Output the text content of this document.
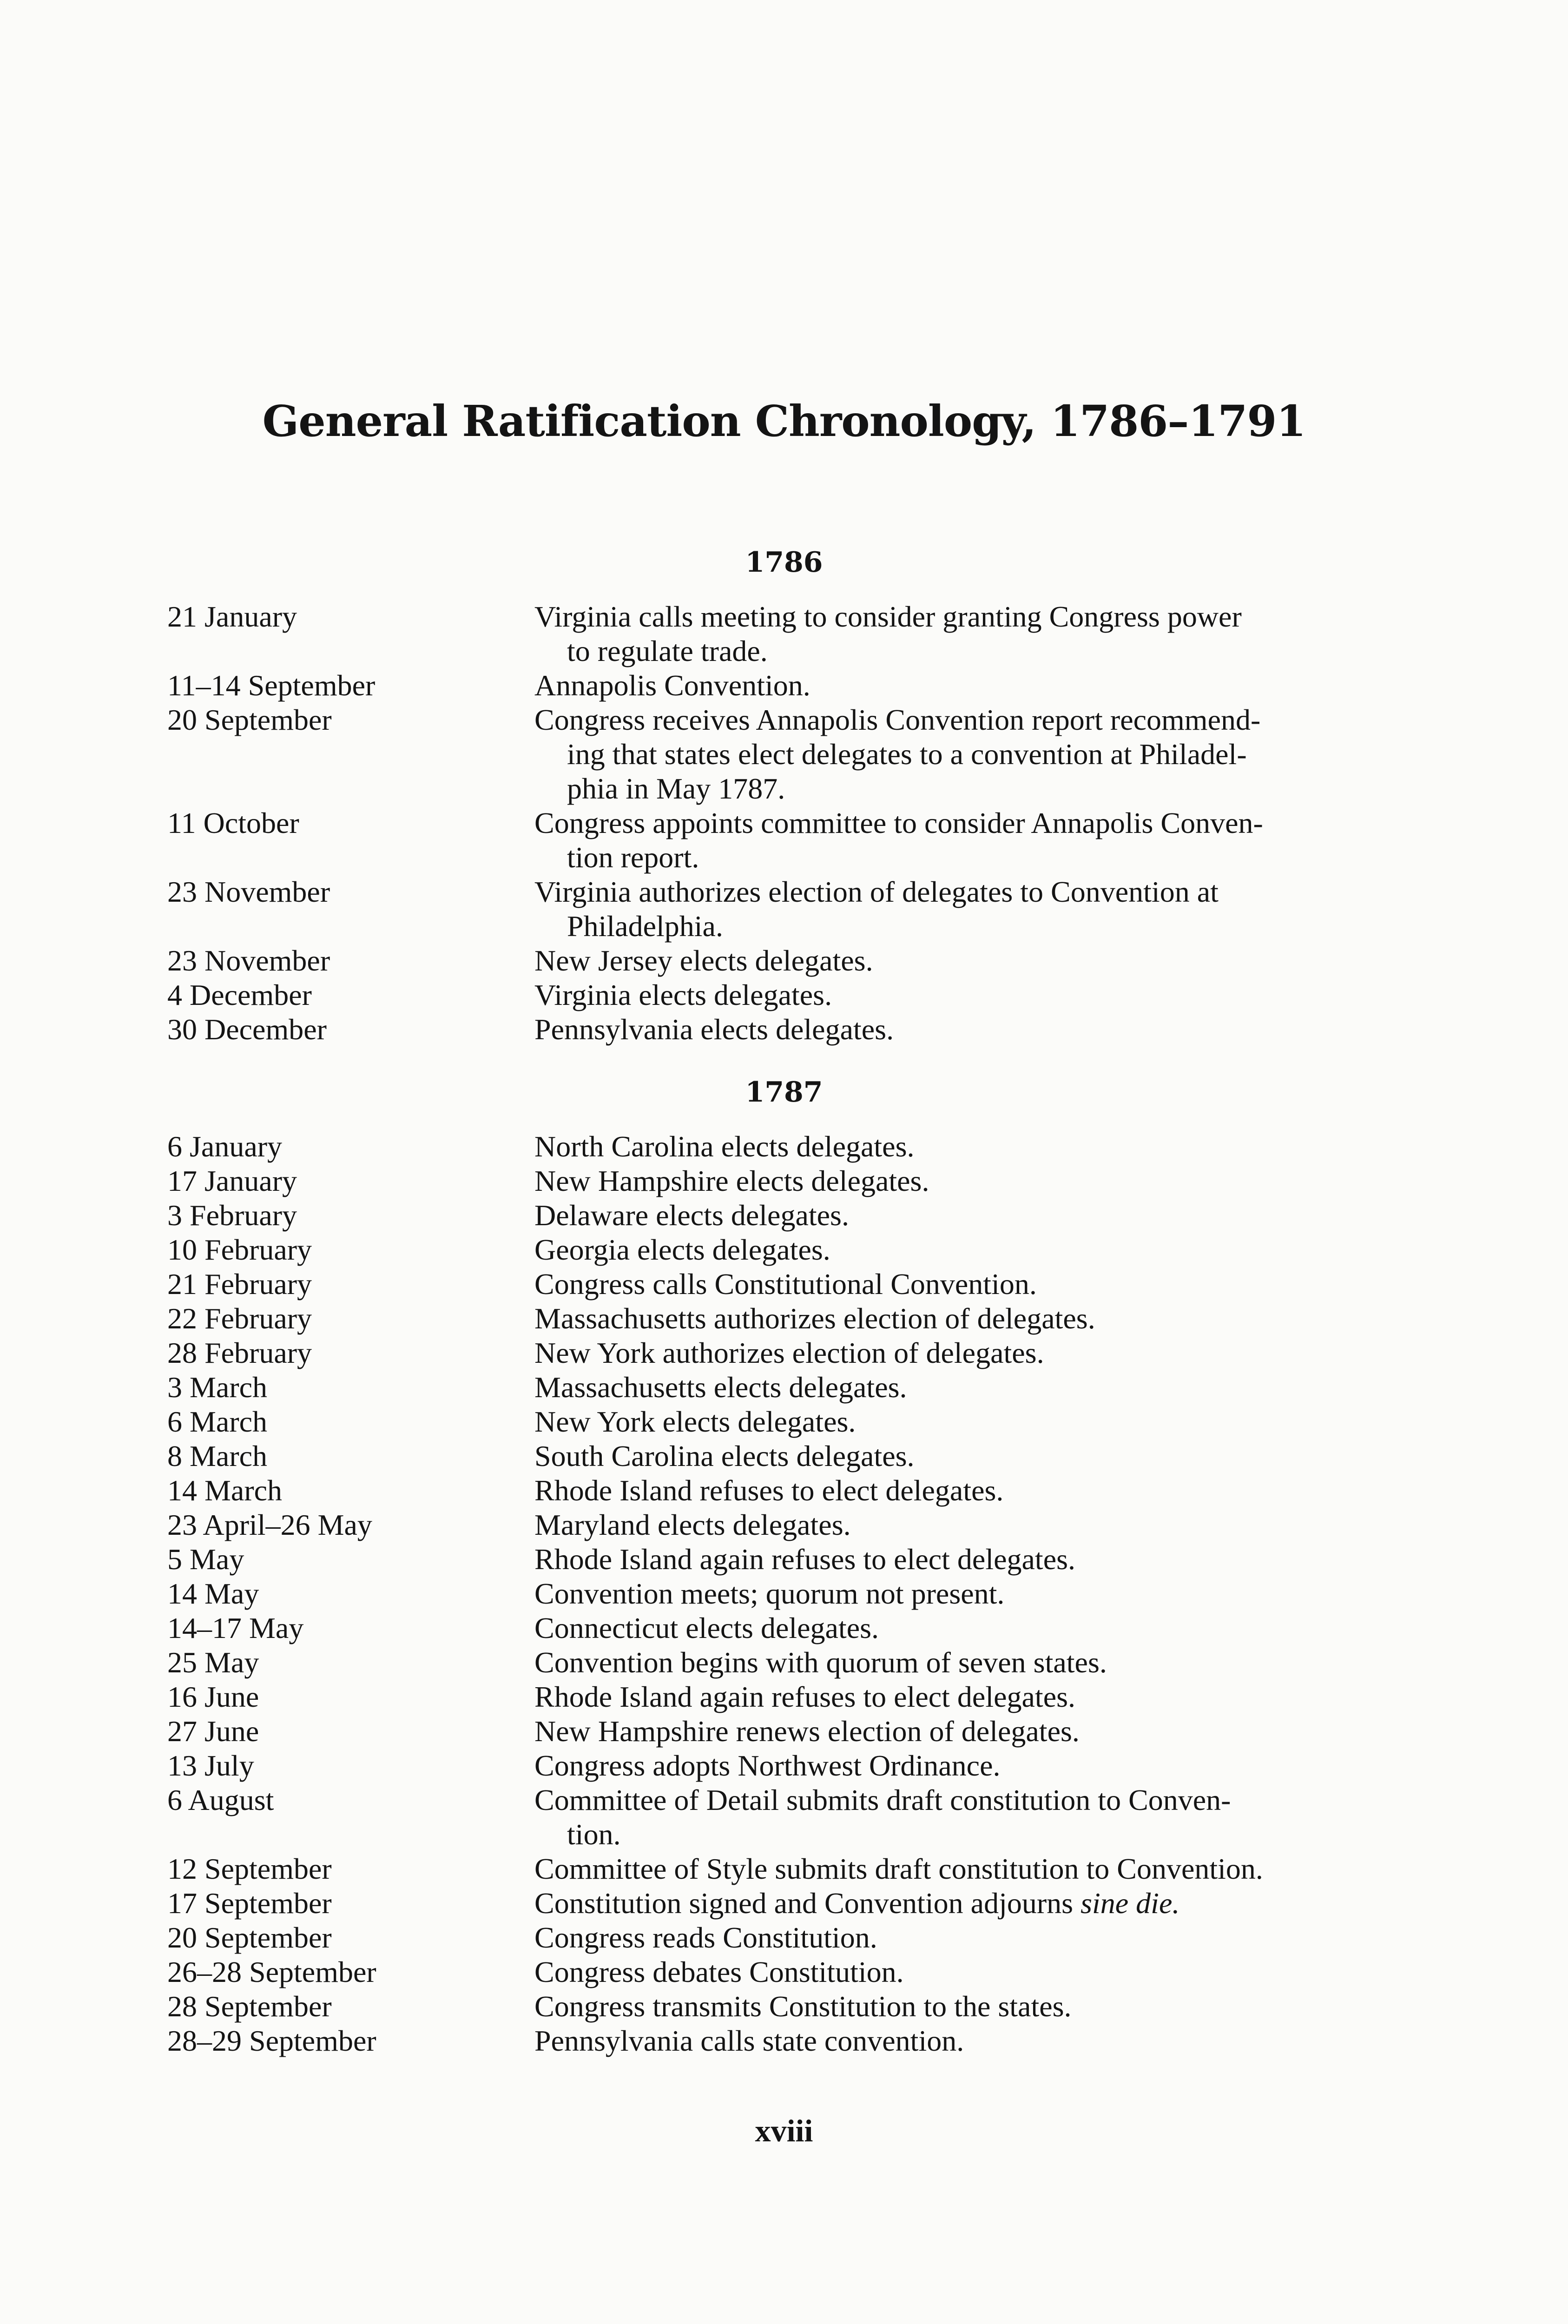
General Ratification Chronology, 1786–1791
1786
21 January	Virginia calls meeting to consider granting Congress power
to regulate trade.
11–14 September	Annapolis Convention.
20 September	Congress receives Annapolis Convention report recommend-
ing that states elect delegates to a convention at Philadel-
phia in May 1787.
11 October	Congress appoints committee to consider Annapolis Conven-
tion report.
23 November	Virginia authorizes election of delegates to Convention at
Philadelphia.
23 November	New Jersey elects delegates.
4 December	Virginia elects delegates.
30 December	Pennsylvania elects delegates.
1787
6 January	North Carolina elects delegates.
17 January	New Hampshire elects delegates.
3 February	Delaware elects delegates.
10 February	Georgia elects delegates.
21 February	Congress calls Constitutional Convention.
22 February	Massachusetts authorizes election of delegates.
28 February	New York authorizes election of delegates.
3 March	Massachusetts elects delegates.
6 March	New York elects delegates.
8 March	South Carolina elects delegates.
14 March	Rhode Island refuses to elect delegates.
23 April–26 May	Maryland elects delegates.
5 May	Rhode Island again refuses to elect delegates.
14 May	Convention meets; quorum not present.
14–17 May	Connecticut elects delegates.
25 May	Convention begins with quorum of seven states.
16 June	Rhode Island again refuses to elect delegates.
27 June	New Hampshire renews election of delegates.
13 July	Congress adopts Northwest Ordinance.
6 August	Committee of Detail submits draft constitution to Conven-
tion.
12 September	Committee of Style submits draft constitution to Convention.
17 September	Constitution signed and Convention adjourns sine die.
20 September	Congress reads Constitution.
26–28 September	Congress debates Constitution.
28 September	Congress transmits Constitution to the states.
28–29 September	Pennsylvania calls state convention.
xviii
